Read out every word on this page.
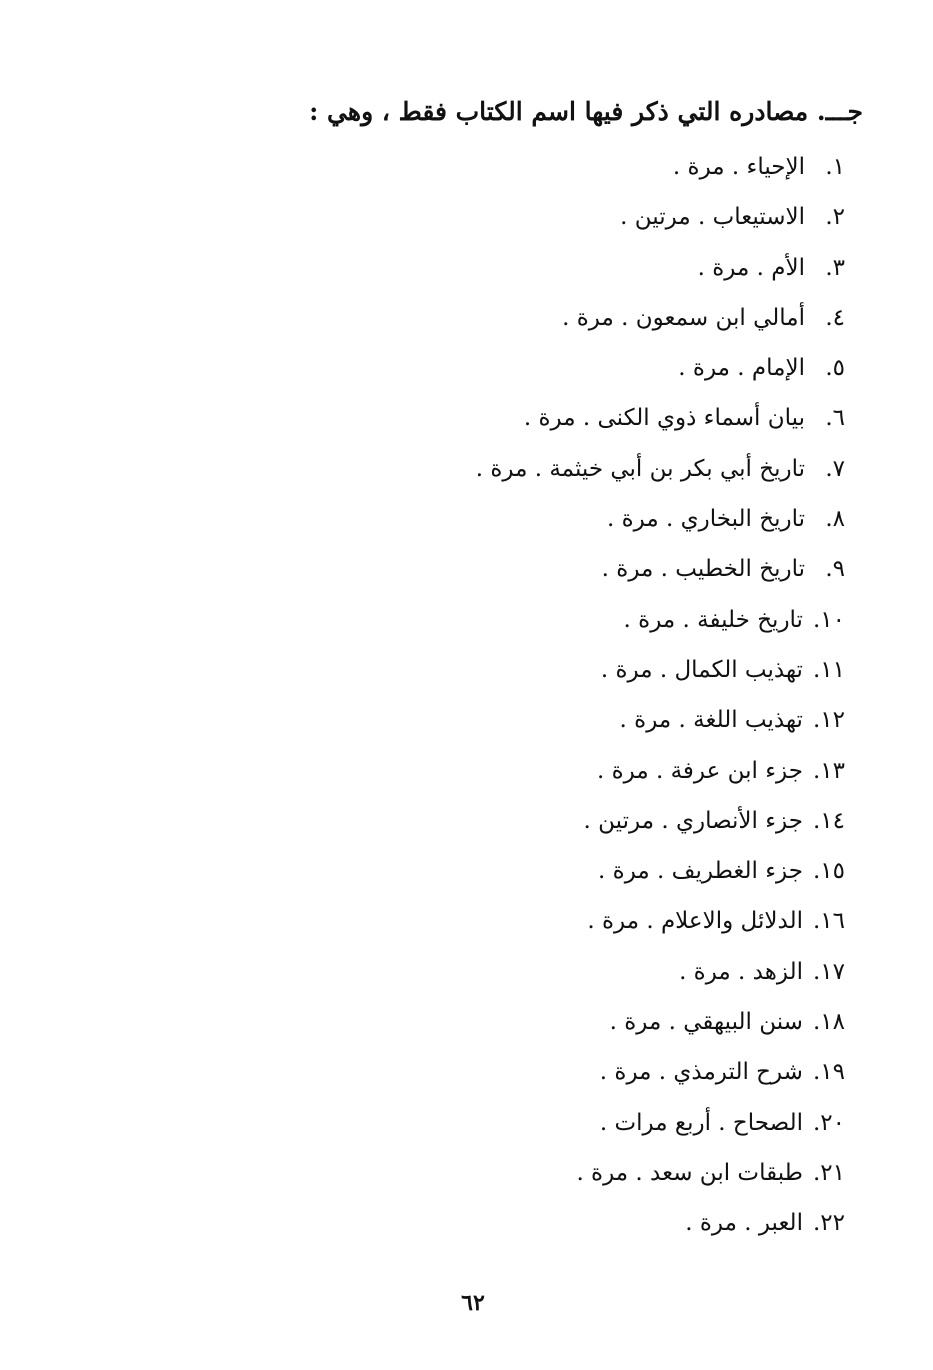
جـــ. مصادره التي ذكر فيها اسم الكتاب فقط ، وهي :
١.
الإحياء . مرة .
٢.
الاستيعاب . مرتين .
٣.
الأم . مرة .
٤.
أمالي ابن سمعون . مرة .
٥.
الإمام . مرة .
٦.
بيان أسماء ذوي الكنى . مرة .
٧.
تاريخ أبي بكر بن أبي خيثمة . مرة .
٨.
تاريخ البخاري . مرة .
٩.
تاريخ الخطيب . مرة .
١٠.
تاريخ خليفة . مرة .
١١.
تهذيب الكمال . مرة .
١٢.
تهذيب اللغة . مرة .
١٣.
جزء ابن عرفة . مرة .
١٤.
جزء الأنصاري . مرتين .
١٥.
جزء الغطريف . مرة .
١٦.
الدلائل والاعلام . مرة .
١٧.
الزهد . مرة .
١٨.
سنن البيهقي . مرة .
١٩.
شرح الترمذي . مرة .
٢٠.
الصحاح . أربع مرات .
٢١.
طبقات ابن سعد . مرة .
٢٢.
العبر . مرة .
٦٢
